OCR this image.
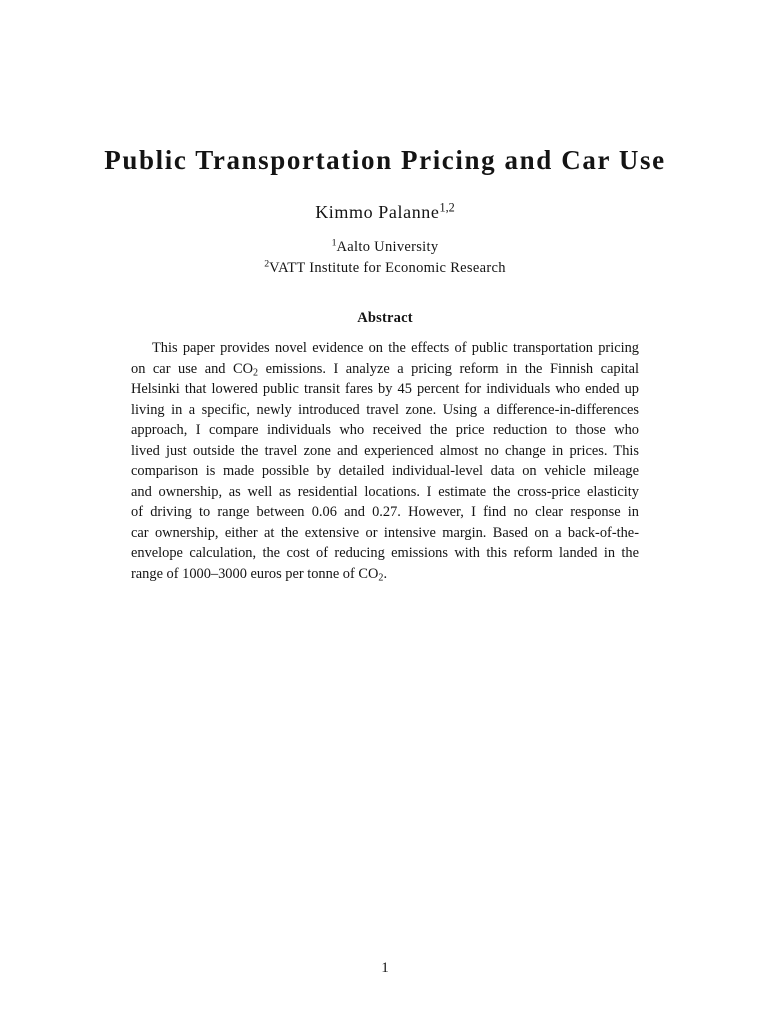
Public Transportation Pricing and Car Use
Kimmo Palanne$^{1,2}$
$^1$Aalto University
$^2$VATT Institute for Economic Research
Abstract
This paper provides novel evidence on the effects of public transportation pricing
on car use and $CO_2$ emissions. I analyze a pricing reform in the Finnish capital
Helsinki that lowered public transit fares by 45 percent for individuals who ended up
living in a specific, newly introduced travel zone. Using a difference-in-differences
approach, I compare individuals who received the price reduction to those who
lived just outside the travel zone and experienced almost no change in prices. This
comparison is made possible by detailed individual-level data on vehicle mileage
and ownership, as well as residential locations. I estimate the cross-price elasticity
of driving to range between 0.06 and 0.27. However, I find no clear response in
car ownership, either at the extensive or intensive margin. Based on a back-of-the-
envelope calculation, the cost of reducing emissions with this reform landed in the
range of 1000–3000 euros per tonne of $CO_2$.
1
